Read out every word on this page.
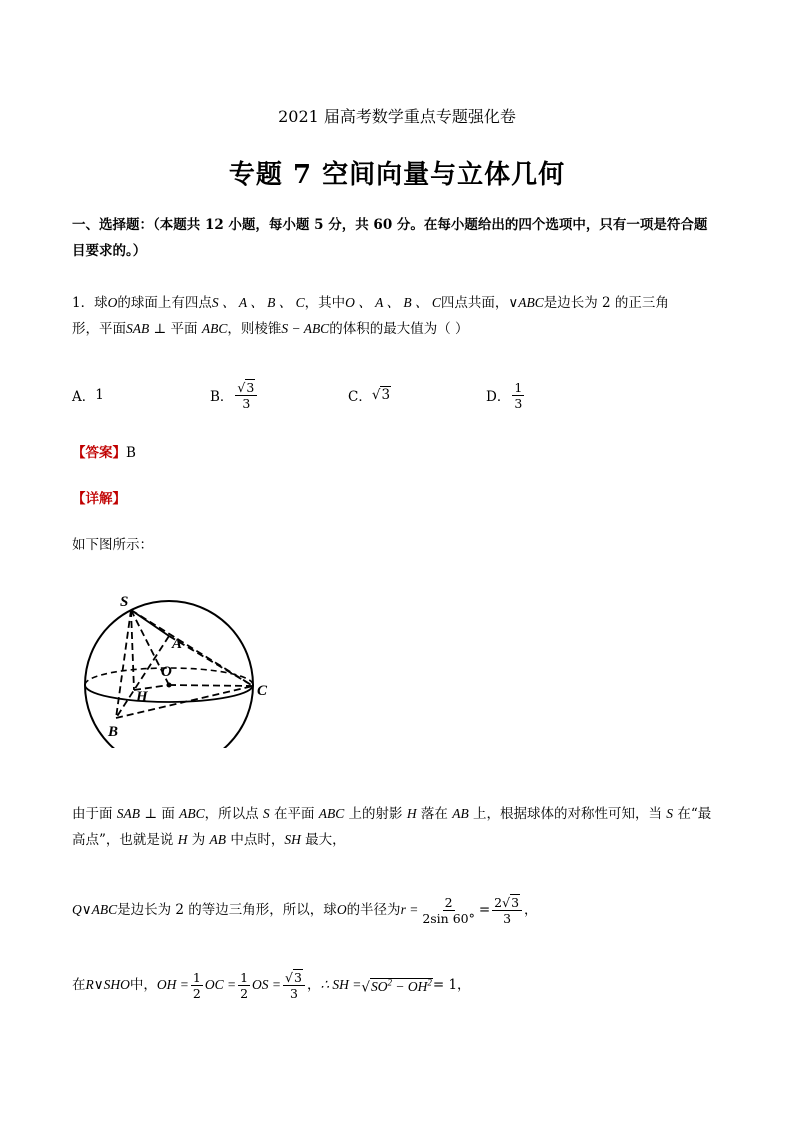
2021 届高考数学重点专题强化卷
专题 7 空间向量与立体几何
一、选择题：（本题共 12 小题，每小题 5 分，共 60 分。在每小题给出的四个选项中，只有一项是符合题
目要求的。）
1．球O的球面上有四点S 、 A 、 B 、 C，其中O 、 A 、 B 、 C四点共面，∨ABC是边长为 2 的正三角
形，平面SAB ⊥ 平面 ABC，则棱锥S − ABC的体积的最大值为（ ）
A． 1	B． $\frac{√3}{3}$	C． √3	D． $\frac{1}{3}$
【答案】B
【详解】
如下图所示：
S
A
O
H	C
B
由于面 SAB ⊥ 面 ABC，所以点 S 在平面 ABC 上的射影 H 落在 AB 上，根据球体的对称性可知，当 S 在“最
高点”，也就是说 H 为 AB 中点时，SH 最大，
Q∨ABC 是边长为 2 的等边三角形，所以，球 O 的半径为 $r = \frac{2}{2\sin 60^\circ} = \frac{2√3}{3}$ ，
在 R∨SHO 中， OH = $\frac{1}{2}$ OC = $\frac{1}{2}$ OS = $\frac{√3}{3}$ ， ∴ SH = $√SO^2 - OH^2 = 1$，
